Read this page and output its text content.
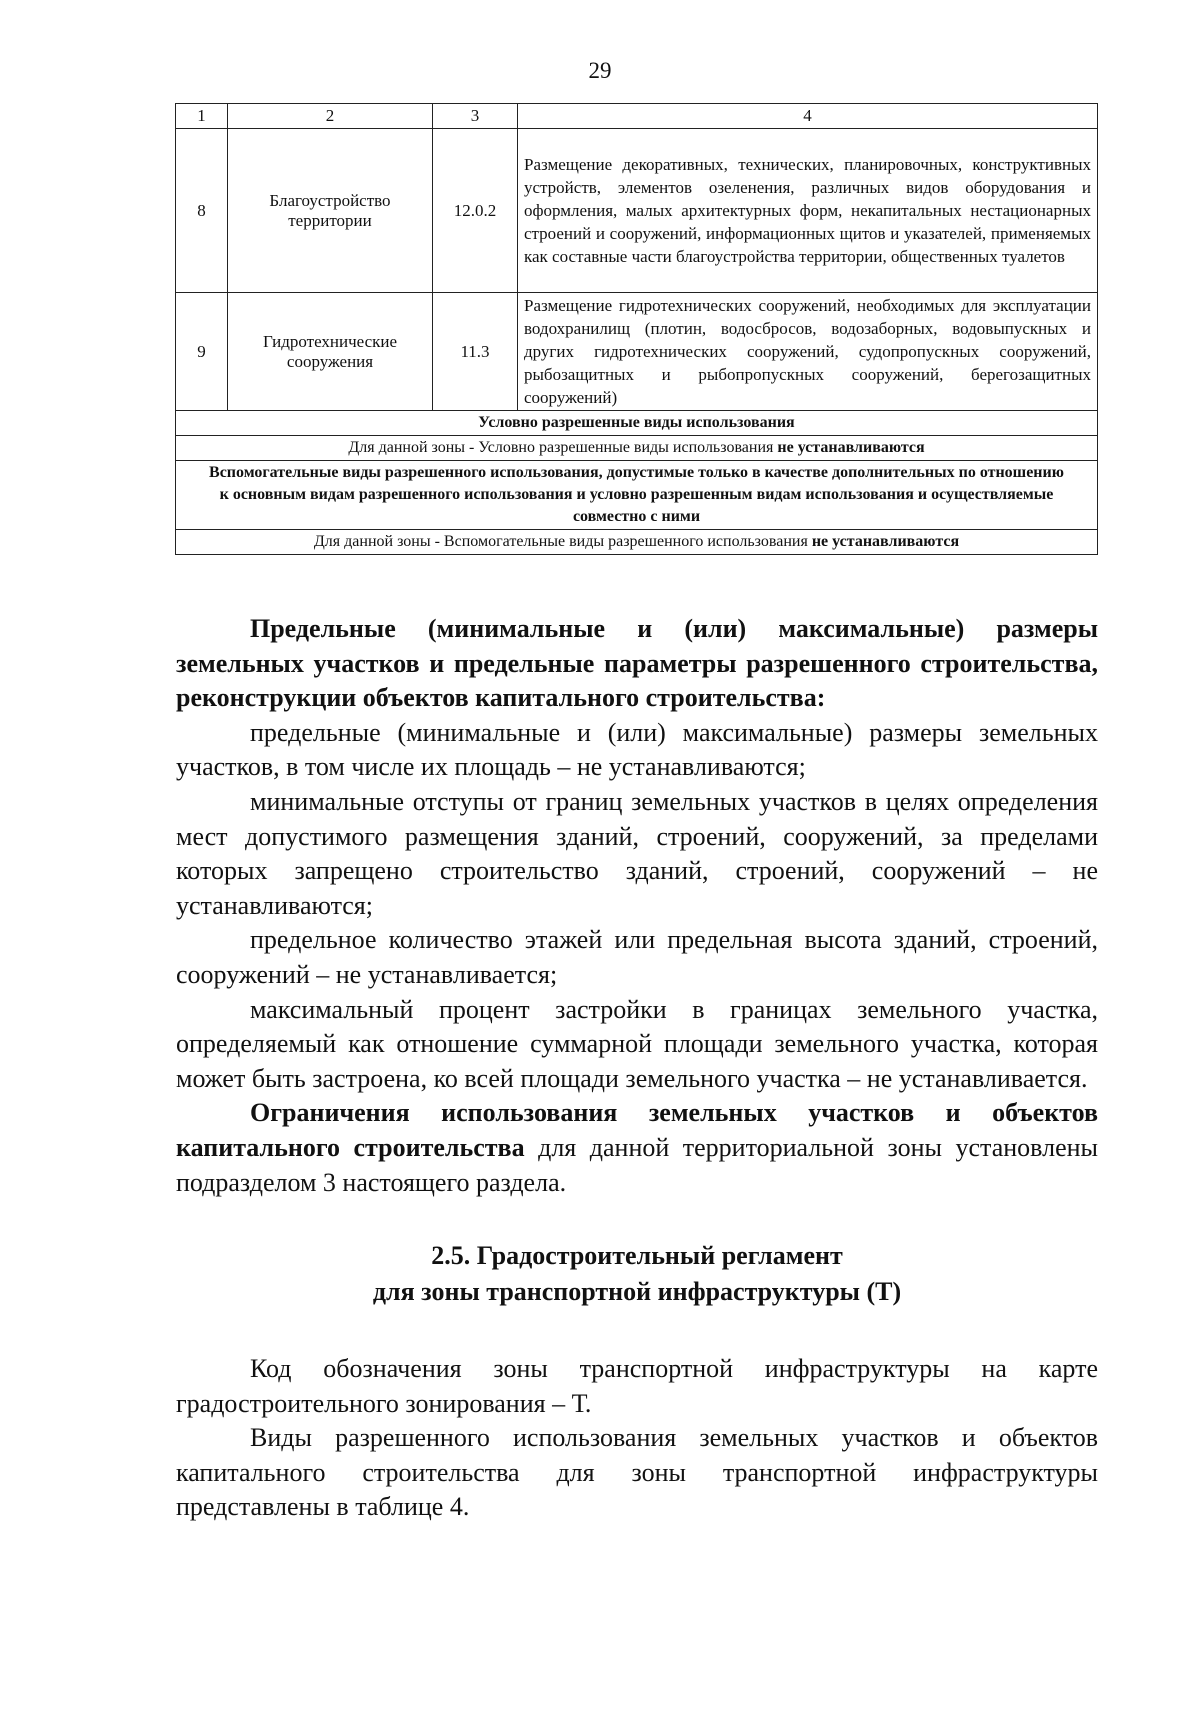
29
1	2	3	4
8	Благоустройство территории	12.0.2	Размещение декоративных, технических, планировочных, конструктивных устройств, элементов озеленения, различных видов оборудования и оформления, малых архитектурных форм, некапитальных нестационарных строений и сооружений, информационных щитов и указателей, применяемых как составные части благоустройства территории, общественных туалетов
9	Гидротехнические сооружения	11.3	Размещение гидротехнических сооружений, необходимых для эксплуатации водохранилищ (плотин, водосбросов, водозаборных, водовыпускных и других гидротехнических сооружений, судопропускных сооружений, рыбозащитных и рыбопропускных сооружений, берегозащитных сооружений)
Условно разрешенные виды использования			
Для данной зоны - Условно разрешенные виды использования не устанавливаются			
Вспомогательные виды разрешенного использования, допустимые только в качестве дополнительных по отношению к основным видам разрешенного использования и условно разрешенным видам использования и осуществляемые совместно с ними			
Для данной зоны - Вспомогательные виды разрешенного использования не устанавливаются			

Предельные (минимальные и (или) максимальные) размеры земельных участков и предельные параметры разрешенного строительства, реконструкции объектов капитального строительства:

предельные (минимальные и (или) максимальные) размеры земельных участков, в том числе их площадь – не устанавливаются;

минимальные отступы от границ земельных участков в целях определения мест допустимого размещения зданий, строений, сооружений, за пределами которых запрещено строительство зданий, строений, сооружений – не устанавливаются;

предельное количество этажей или предельная высота зданий, строений, сооружений – не устанавливается;

максимальный процент застройки в границах земельного участка, определяемый как отношение суммарной площади земельного участка, которая может быть застроена, ко всей площади земельного участка – не устанавливается.

Ограничения использования земельных участков и объектов капитального строительства для данной территориальной зоны установлены подразделом 3 настоящего раздела.

2.5. Градостроительный регламент
для зоны транспортной инфраструктуры (Т)

Код обозначения зоны транспортной инфраструктуры на карте градостроительного зонирования – Т.

Виды разрешенного использования земельных участков и объектов капитального строительства для зоны транспортной инфраструктуры представлены в таблице 4.
